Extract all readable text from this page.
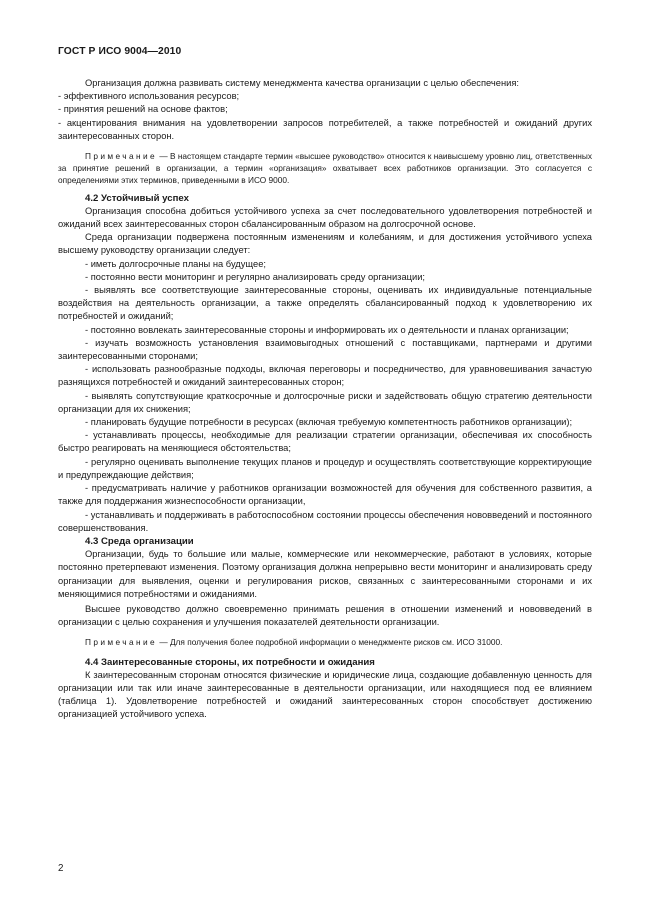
ГОСТ Р ИСО 9004—2010

Организация должна развивать систему менеджмента качества организации с целью обеспечения:

- эффективного использования ресурсов;

- принятия решений на основе фактов;

- акцентирования внимания на удовлетворении запросов потребителей, а также потребностей и ожиданий других заинтересованных сторон.

Примечание — В настоящем стандарте термин «высшее руководство» относится к наивысшему уровню лиц, ответственных за принятие решений в организации, а термин «организация» охватывает всех работников организации. Это согласуется с определениями этих терминов, приведенными в ИСО 9000.

4.2 Устойчивый успех

Организация способна добиться устойчивого успеха за счет последовательного удовлетворения потребностей и ожиданий всех заинтересованных сторон сбалансированным образом на долгосрочной основе.

Среда организации подвержена постоянным изменениям и колебаниям, и для достижения устойчивого успеха высшему руководству организации следует:

- иметь долгосрочные планы на будущее;

- постоянно вести мониторинг и регулярно анализировать среду организации;

- выявлять все соответствующие заинтересованные стороны, оценивать их индивидуальные потенциальные воздействия на деятельность организации, а также определять сбалансированный подход к удовлетворению их потребностей и ожиданий;

- постоянно вовлекать заинтересованные стороны и информировать их о деятельности и планах организации;

- изучать возможность установления взаимовыгодных отношений с поставщиками, партнерами и другими заинтересованными сторонами;

- использовать разнообразные подходы, включая переговоры и посредничество, для уравновешивания зачастую разнящихся потребностей и ожиданий заинтересованных сторон;

- выявлять сопутствующие краткосрочные и долгосрочные риски и задействовать общую стратегию деятельности организации для их снижения;

- планировать будущие потребности в ресурсах (включая требуемую компетентность работников организации);

- устанавливать процессы, необходимые для реализации стратегии организации, обеспечивая их способность быстро реагировать на меняющиеся обстоятельства;

- регулярно оценивать выполнение текущих планов и процедур и осуществлять соответствующие корректирующие и предупреждающие действия;

- предусматривать наличие у работников организации возможностей для обучения для собственного развития, а также для поддержания жизнеспособности организации,

- устанавливать и поддерживать в работоспособном состоянии процессы обеспечения нововведений и постоянного совершенствования.

4.3 Среда организации

Организации, будь то большие или малые, коммерческие или некоммерческие, работают в условиях, которые постоянно претерпевают изменения. Поэтому организация должна непрерывно вести мониторинг и анализировать среду организации для выявления, оценки и регулирования рисков, связанных с заинтересованными сторонами и их меняющимися потребностями и ожиданиями.

Высшее руководство должно своевременно принимать решения в отношении изменений и нововведений в организации с целью сохранения и улучшения показателей деятельности организации.

Примечание — Для получения более подробной информации о менеджменте рисков см. ИСО 31000.

4.4 Заинтересованные стороны, их потребности и ожидания

К заинтересованным сторонам относятся физические и юридические лица, создающие добавленную ценность для организации или так или иначе заинтересованные в деятельности организации, или находящиеся под ее влиянием (таблица 1). Удовлетворение потребностей и ожиданий заинтересованных сторон способствует достижению организацией устойчивого успеха.

2
